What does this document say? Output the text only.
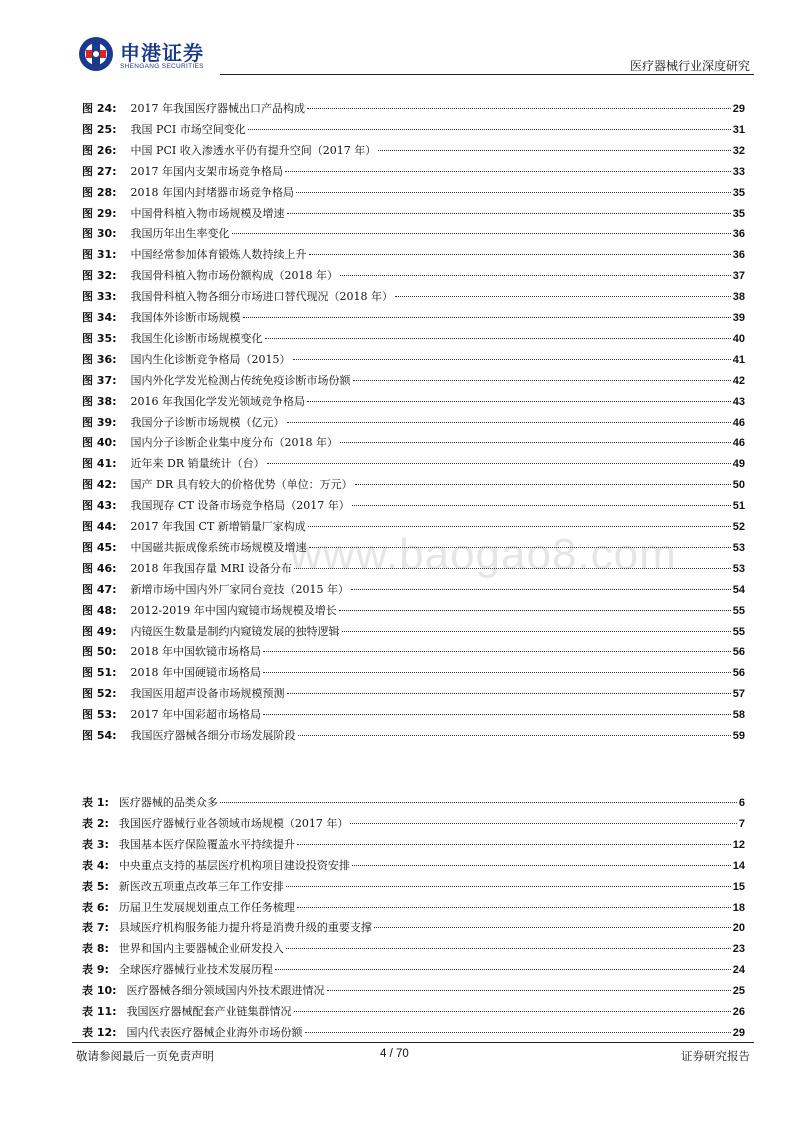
申港证券
SHENGANG SECURITIES	医疗器械行业深度研究
www.baogao8.com
图 24: 2017 年我国医疗器械出口产品构成	29
图 25: 我国 PCI 市场空间变化	31
图 26: 中国 PCI 收入渗透水平仍有提升空间（2017 年）	32
图 27: 2017 年国内支架市场竞争格局	33
图 28: 2018 年国内封堵器市场竞争格局	35
图 29: 中国骨科植入物市场规模及增速	35
图 30: 我国历年出生率变化	36
图 31: 中国经常参加体育锻炼人数持续上升	36
图 32: 我国骨科植入物市场份额构成（2018 年）	37
图 33: 我国骨科植入物各细分市场进口替代现况（2018 年）	38
图 34: 我国体外诊断市场规模	39
图 35: 我国生化诊断市场规模变化	40
图 36: 国内生化诊断竞争格局（2015）	41
图 37: 国内外化学发光检测占传统免疫诊断市场份额	42
图 38: 2016 年我国化学发光领域竞争格局	43
图 39: 我国分子诊断市场规模（亿元）	46
图 40: 国内分子诊断企业集中度分布（2018 年）	46
图 41: 近年来 DR 销量统计（台）	49
图 42: 国产 DR 具有较大的价格优势（单位：万元）	50
图 43: 我国现存 CT 设备市场竞争格局（2017 年）	51
图 44: 2017 年我国 CT 新增销量厂家构成	52
图 45: 中国磁共振成像系统市场规模及增速	53
图 46: 2018 年我国存量 MRI 设备分布	53
图 47: 新增市场中国内外厂家同台竞技（2015 年）	54
图 48: 2012-2019 年中国内窥镜市场规模及增长	55
图 49: 内镜医生数量是制约内窥镜发展的独特逻辑	55
图 50: 2018 年中国软镜市场格局	56
图 51: 2018 年中国硬镜市场格局	56
图 52: 我国医用超声设备市场规模预测	57
图 53: 2017 年中国彩超市场格局	58
图 54: 我国医疗器械各细分市场发展阶段	59
表 1: 医疗器械的品类众多	6
表 2: 我国医疗器械行业各领域市场规模（2017 年）	7
表 3: 我国基本医疗保险覆盖水平持续提升	12
表 4: 中央重点支持的基层医疗机构项目建设投资安排	14
表 5: 新医改五项重点改革三年工作安排	15
表 6: 历届卫生发展规划重点工作任务梳理	18
表 7: 县域医疗机构服务能力提升将是消费升级的重要支撑	20
表 8: 世界和国内主要器械企业研发投入	23
表 9: 全球医疗器械行业技术发展历程	24
表 10: 医疗器械各细分领域国内外技术跟进情况	25
表 11: 我国医疗器械配套产业链集群情况	26
表 12: 国内代表医疗器械企业海外市场份额	29
敬请参阅最后一页免责声明	4 / 70	证券研究报告
